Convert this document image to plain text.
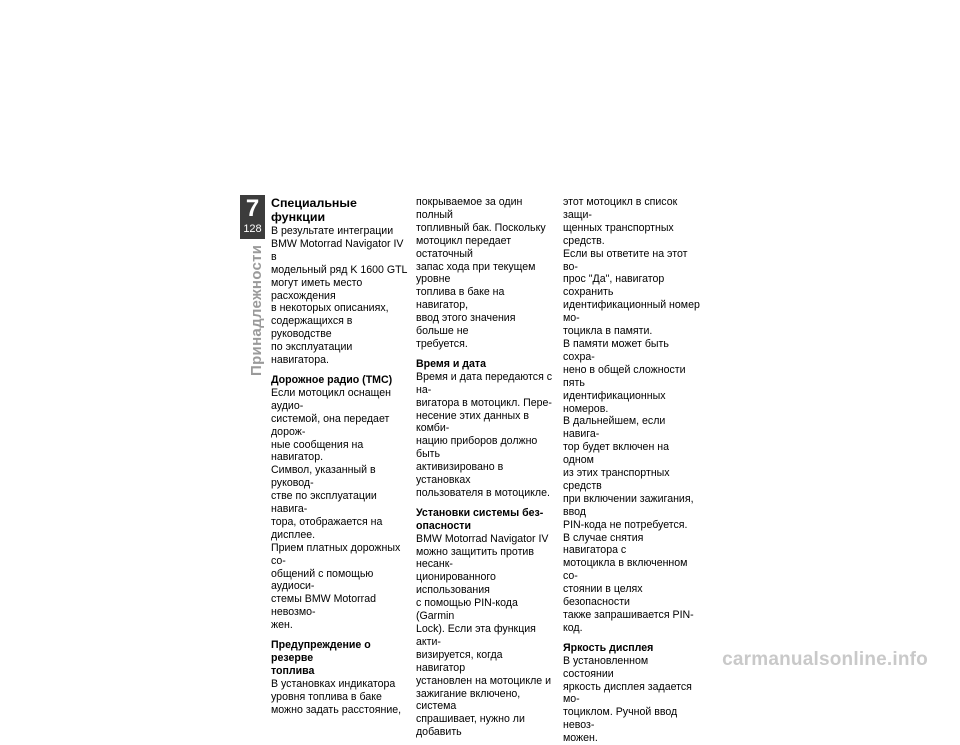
7
128
Принадлежности
Специальные функции

В результате интеграции
BMW Motorrad Navigator IV в
модельный ряд K 1600 GTL
могут иметь место расхождения
в некоторых описаниях,
содержащихся в руководстве
по эксплуатации навигатора.

Дорожное радио (TMC)

Если мотоцикл оснащен аудио-
системой, она передает дорож-
ные сообщения на навигатор.
Символ, указанный в руковод-
стве по эксплуатации навига-
тора, отображается на дисплее.
Прием платных дорожных со-
общений с помощью аудиоси-
стемы BMW Motorrad невозмо-
жен.

Предупреждение о резерве
топлива

В установках индикатора
уровня топлива в баке
можно задать расстояние,

покрываемое за один полный
топливный бак. Поскольку
мотоцикл передает остаточный
запас хода при текущем уровне
топлива в баке на навигатор,
ввод этого значения больше не
требуется.

Время и дата

Время и дата передаются с на-
вигатора в мотоцикл. Пере-
несение этих данных в комби-
нацию приборов должно быть
активизировано в установках
пользователя в мотоцикле.

Установки системы без-
опасности

BMW Motorrad Navigator IV
можно защитить против несанк-
ционированного использования
с помощью PIN-кода (Garmin
Lock). Если эта функция акти-
визируется, когда навигатор
установлен на мотоцикле и
зажигание включено, система
спрашивает, нужно ли добавить

этот мотоцикл в список защи-
щенных транспортных средств.
Если вы ответите на этот во-
прос "Да", навигатор сохранить
идентификационный номер мо-
тоцикла в памяти.
В памяти может быть сохра-
нено в общей сложности пять
идентификационных номеров.
В дальнейшем, если навига-
тор будет включен на одном
из этих транспортных средств
при включении зажигания, ввод
PIN-кода не потребуется.
В случае снятия навигатора с
мотоцикла в включенном со-
стоянии в целях безопасности
также запрашивается PIN-код.

Яркость дисплея

В установленном состоянии
яркость дисплея задается мо-
тоциклом. Ручной ввод невоз-
можен.

carmanualsonline.info
